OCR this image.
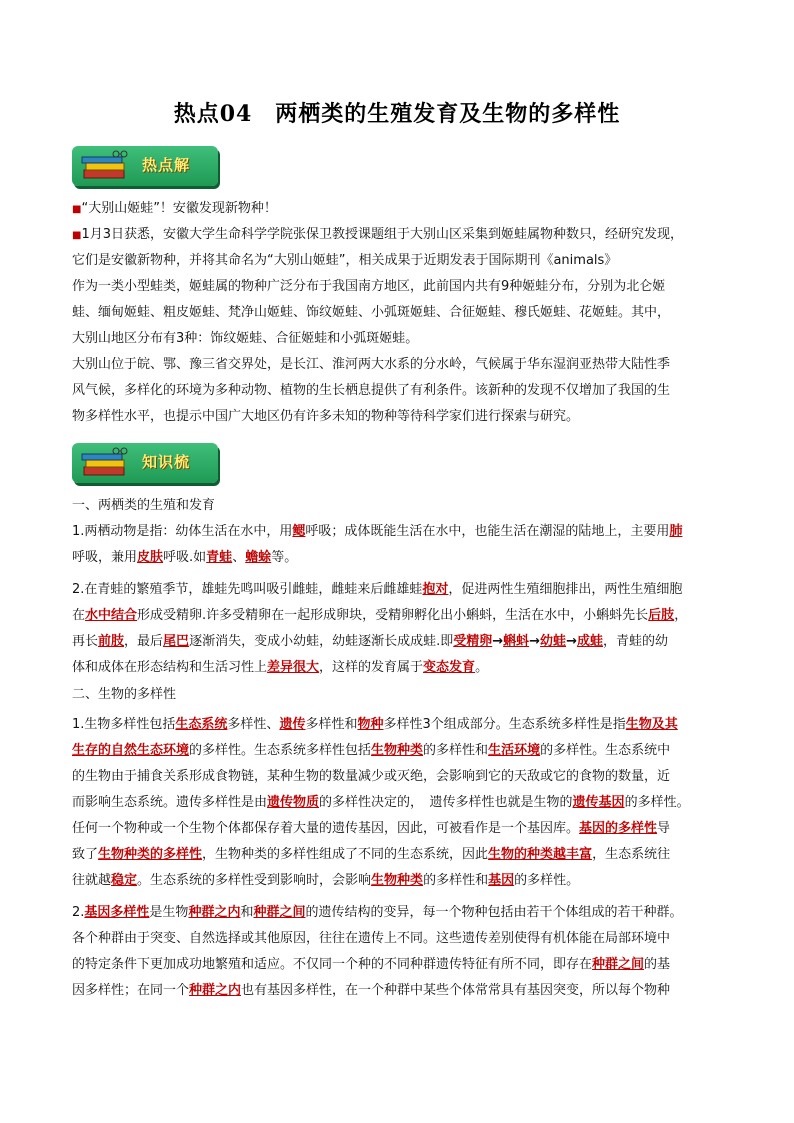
热点04　两栖类的生殖发育及生物的多样性
热点解
■“大别山姬蛙”！安徽发现新物种！
■1月3日获悉，安徽大学生命科学学院张保卫教授课题组于大别山区采集到姬蛙属物种数只，经研究发现，
它们是安徽新物种，并将其命名为“大别山姬蛙”，相关成果于近期发表于国际期刊《animals》
作为一类小型蛙类，姬蛙属的物种广泛分布于我国南方地区，此前国内共有9种姬蛙分布，分别为北仑姬
蛙、缅甸姬蛙、粗皮姬蛙、梵净山姬蛙、饰纹姬蛙、小弧斑姬蛙、合征姬蛙、穆氏姬蛙、花姬蛙。其中，
大别山地区分布有3种：饰纹姬蛙、合征姬蛙和小弧斑姬蛙。
大别山位于皖、鄂、豫三省交界处，是长江、淮河两大水系的分水岭，气候属于华东湿润亚热带大陆性季
风气候，多样化的环境为多种动物、植物的生长栖息提供了有利条件。该新种的发现不仅增加了我国的生
物多样性水平，也提示中国广大地区仍有许多未知的物种等待科学家们进行探索与研究。
知识梳
一、两栖类的生殖和发育
1.两栖动物是指：幼体生活在水中，用鳃呼吸；成体既能生活在水中，也能生活在潮湿的陆地上，主要用肺
呼吸，兼用皮肤呼吸.如青蛙、蟾蜍等。
2.在青蛙的繁殖季节，雄蛙先鸣叫吸引雌蛙，雌蛙来后雌雄蛙抱对，促进两性生殖细胞排出，两性生殖细胞
在水中结合形成受精卵.许多受精卵在一起形成卵块，受精卵孵化出小蝌蚪，生活在水中，小蝌蚪先长后肢，
再长前肢，最后尾巴逐渐消失，变成小幼蛙，幼蛙逐渐长成成蛙.即受精卵→蝌蚪→幼蛙→成蛙，青蛙的幼
体和成体在形态结构和生活习性上差异很大，这样的发育属于变态发育。
二、生物的多样性
1.生物多样性包括生态系统多样性、遗传多样性和物种多样性3个组成部分。生态系统多样性是指生物及其
生存的自然生态环境的多样性。生态系统多样性包括生物种类的多样性和生活环境的多样性。生态系统中
的生物由于捕食关系形成食物链，某种生物的数量减少或灭绝，会影响到它的天敌或它的食物的数量，近
而影响生态系统。遗传多样性是由遗传物质的多样性决定的，　遗传多样性也就是生物的遗传基因的多样性。
任何一个物种或一个生物个体都保存着大量的遗传基因，因此，可被看作是一个基因库。基因的多样性导
致了生物种类的多样性，生物种类的多样性组成了不同的生态系统，因此生物的种类越丰富，生态系统往
往就越稳定。生态系统的多样性受到影响时，会影响生物种类的多样性和基因的多样性。
2.基因多样性是生物种群之内和种群之间的遗传结构的变异，每一个物种包括由若干个体组成的若干种群。
各个种群由于突变、自然选择或其他原因，往往在遗传上不同。这些遗传差别使得有机体能在局部环境中
的特定条件下更加成功地繁殖和适应。不仅同一个种的不同种群遗传特征有所不同，即存在种群之间的基
因多样性；在同一个种群之内也有基因多样性，在一个种群中某些个体常常具有基因突变，所以每个物种
